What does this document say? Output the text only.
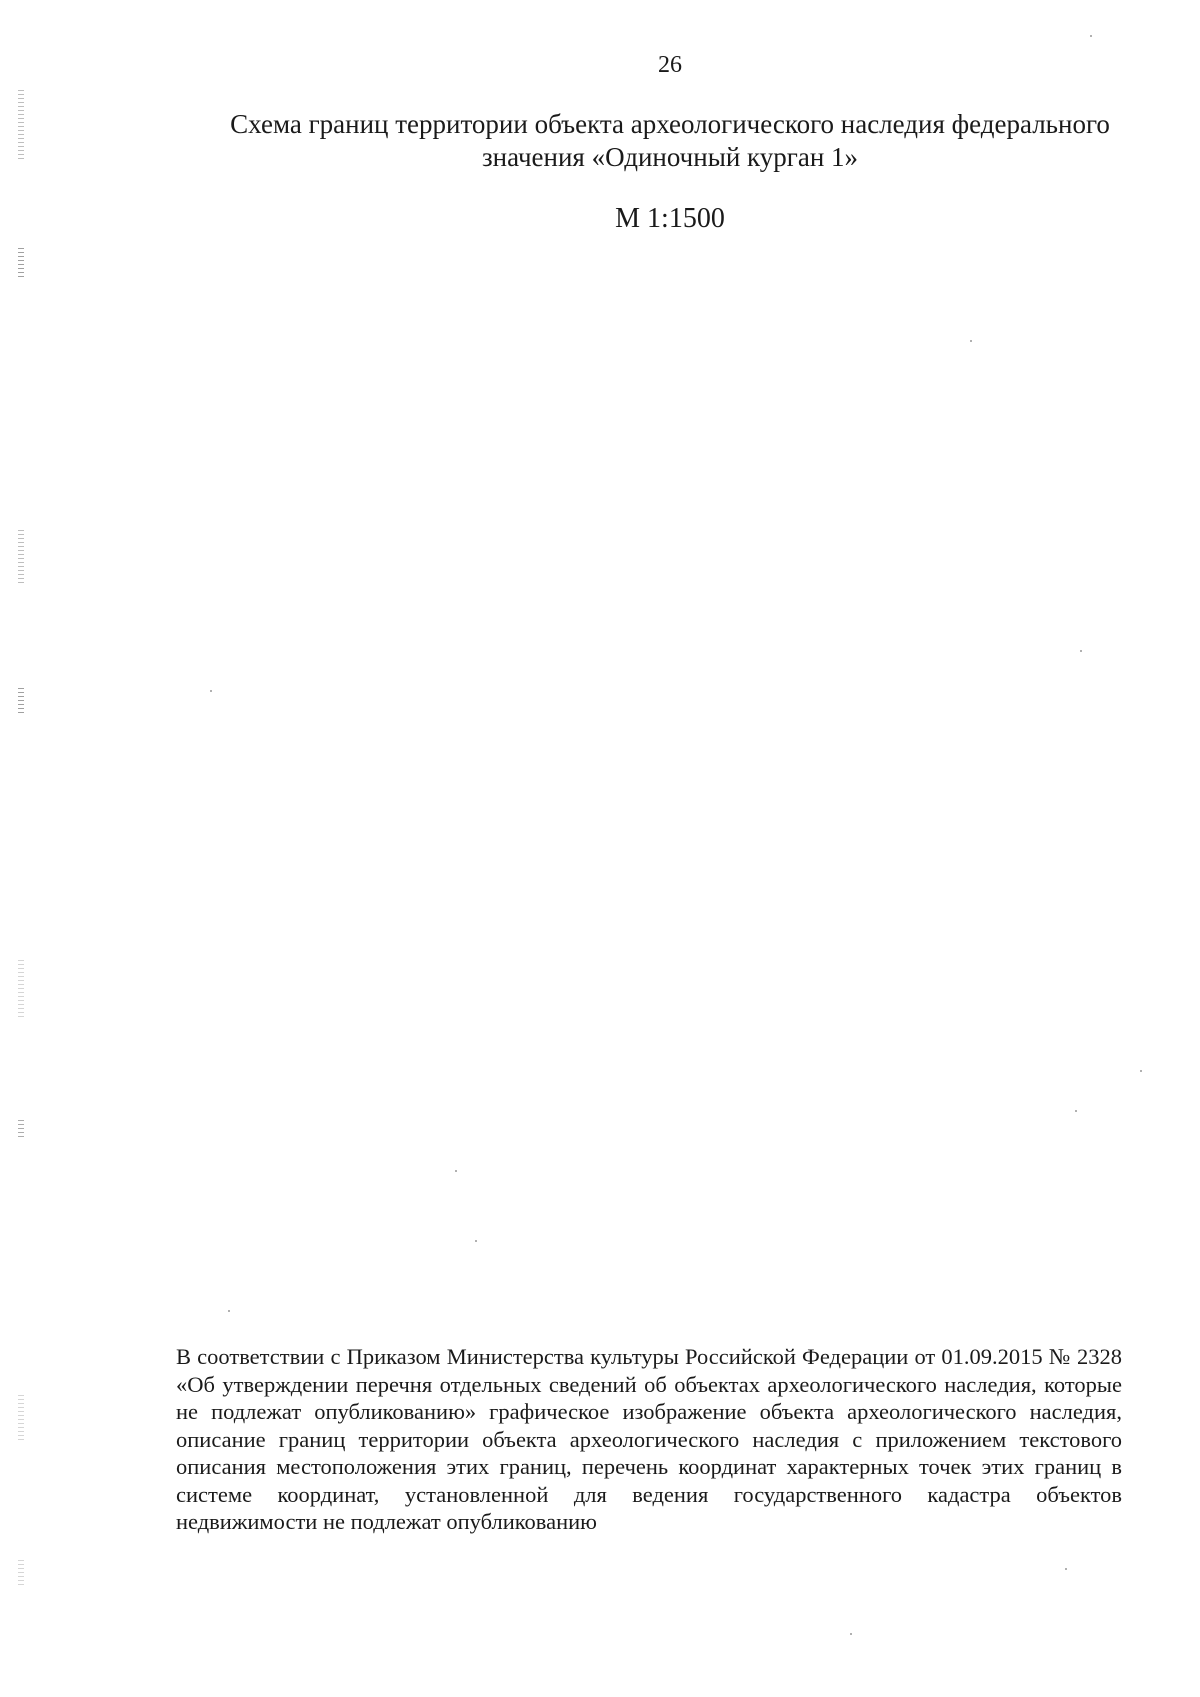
26
Схема границ территории объекта археологического наследия федерального значения «Одиночный курган 1»
М 1:1500
В соответствии с Приказом Министерства культуры Российской Федерации от 01.09.2015 № 2328 «Об утверждении перечня отдельных сведений об объектах археологического наследия, которые не подлежат опубликованию» графическое изображение объекта археологического наследия, описание границ территории объекта археологического наследия с приложением текстового описания местоположения этих границ, перечень координат характерных точек этих границ в системе координат, установленной для ведения государственного кадастра объектов недвижимости не подлежат опубликованию
